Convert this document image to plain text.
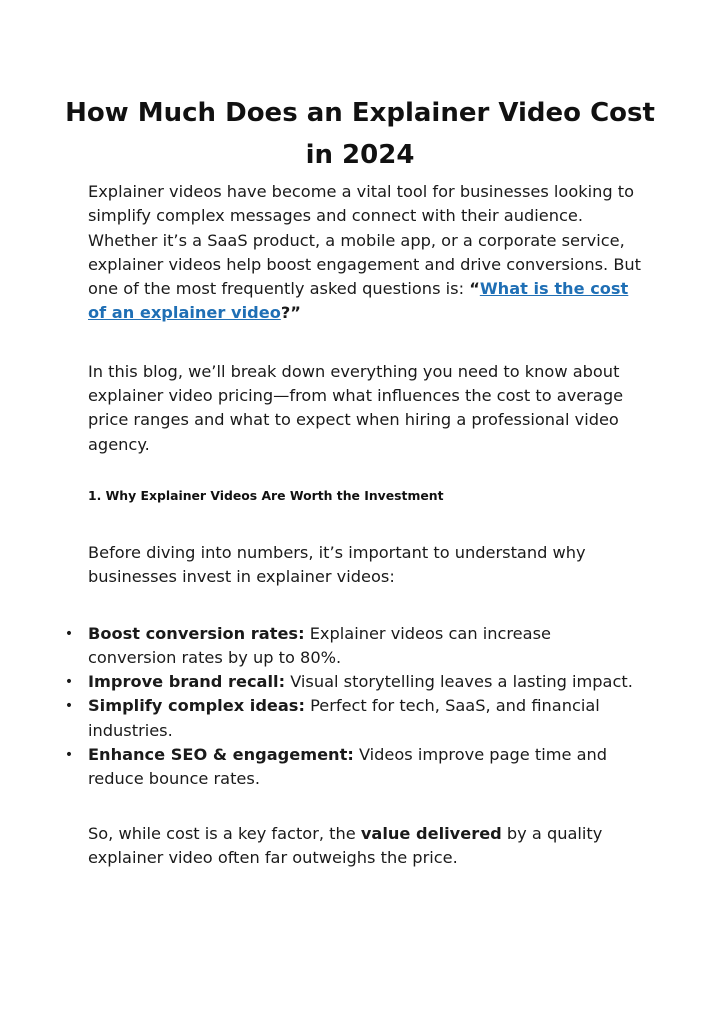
How Much Does an Explainer Video Cost in 2024

Explainer videos have become a vital tool for businesses looking to simplify complex messages and connect with their audience. Whether it’s a SaaS product, a mobile app, or a corporate service, explainer videos help boost engagement and drive conversions. But one of the most frequently asked questions is: “What is the cost of an explainer video?”

In this blog, we’ll break down everything you need to know about explainer video pricing—from what influences the cost to average price ranges and what to expect when hiring a professional video agency.

1. Why Explainer Videos Are Worth the Investment

Before diving into numbers, it’s important to understand why businesses invest in explainer videos:

• Boost conversion rates: Explainer videos can increase conversion rates by up to 80%.
• Improve brand recall: Visual storytelling leaves a lasting impact.
• Simplify complex ideas: Perfect for tech, SaaS, and financial industries.
• Enhance SEO & engagement: Videos improve page time and reduce bounce rates.

So, while cost is a key factor, the value delivered by a quality explainer video often far outweighs the price.
